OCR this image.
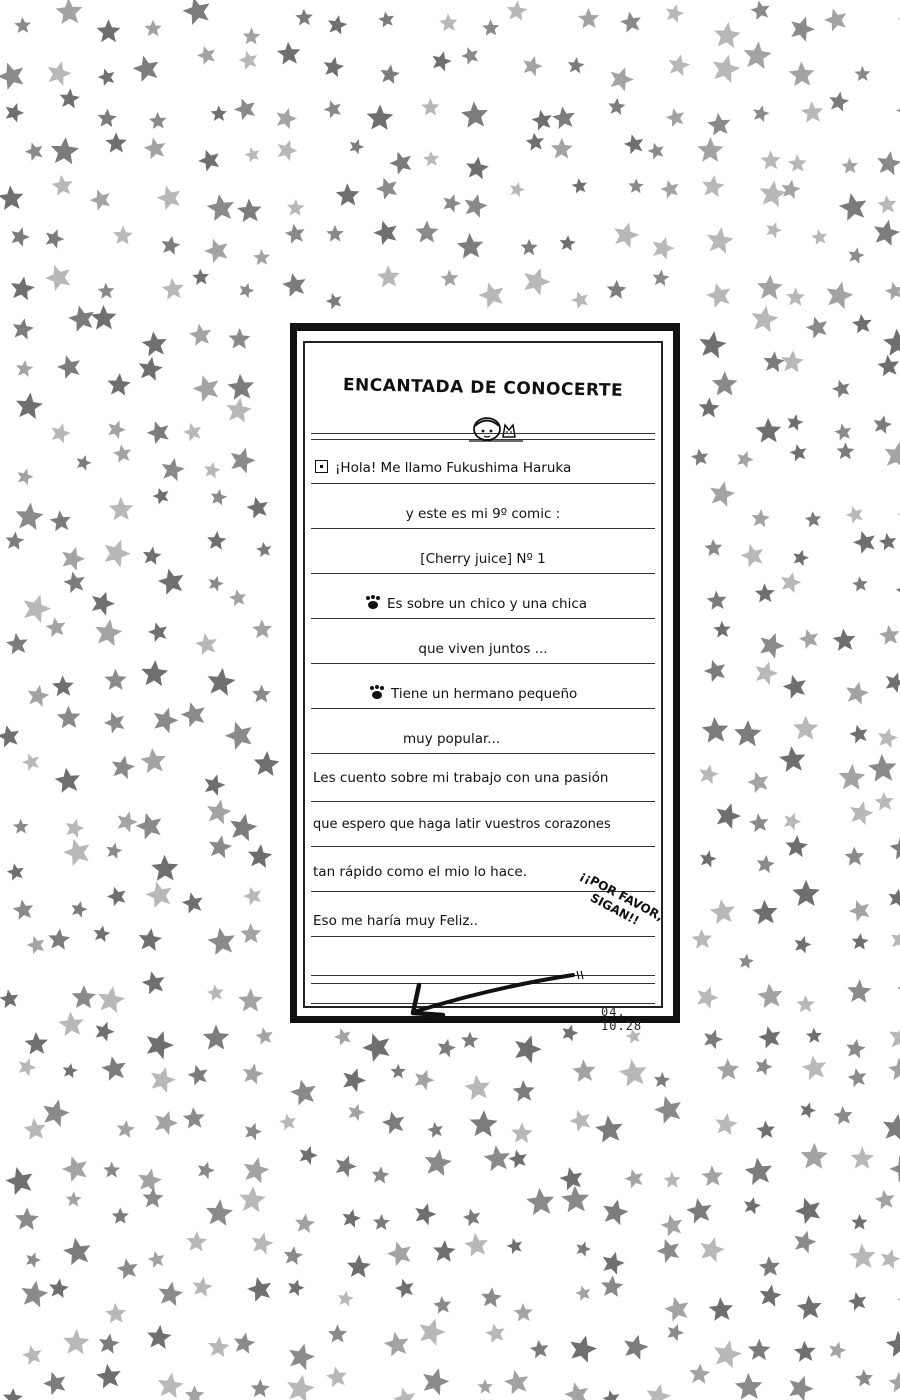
ENCANTADA DE CONOCERTE
¡Hola! Me llamo Fukushima Haruka
y este es mi 9º comic :
[Cherry juice] Nº 1
Es sobre un chico y una chica
que viven juntos ...
Tiene un hermano pequeño
muy popular...
Les cuento sobre mi trabajo con una pasión
que espero que haga latir vuestros corazones
tan rápido como el mio lo hace.
Eso me haría muy Feliz..	¡¡POR FAVOR, SIGAN!!
04. 10.28
